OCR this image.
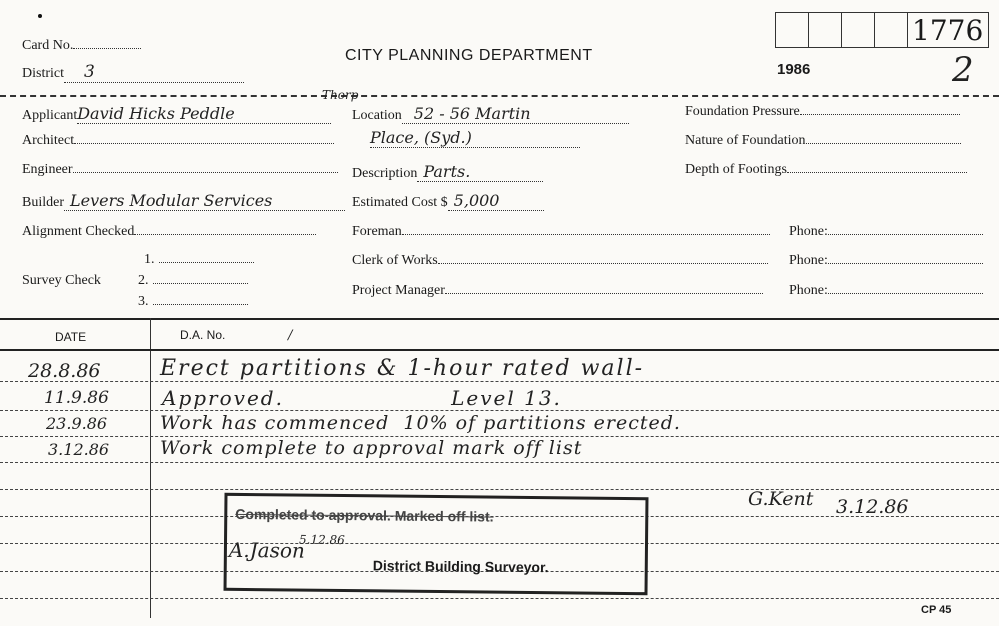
Card No.
District 3
CITY PLANNING DEPARTMENT
1986
1776
2
ApplicantDavid Hicks Peddle
Thorp
Architect
Engineer
Builder Levers Modular Services
Alignment Checked
Survey Check
1.
2.
3.
Location 52 - 56 Martin
Place, (Syd.)
Description Parts.
Estimated Cost $ 5,000
Foreman
Clerk of Works
Project Manager
Foundation Pressure
Nature of Foundation
Depth of Footings
Phone:
Phone:
Phone:
DATE	D.A. No.	/
28.8.86	Erect partitions & 1-hour rated wall-
11.9.86	Approved.                    Level 13.
23.9.86	Work has commenced  10% of partitions erected.
3.12.86	Work complete to approval mark off list
G.Kent 3.12.86
Completed to approval. Marked off list.
A.Jason
5.12.86
District Building Surveyor.
CP 45
